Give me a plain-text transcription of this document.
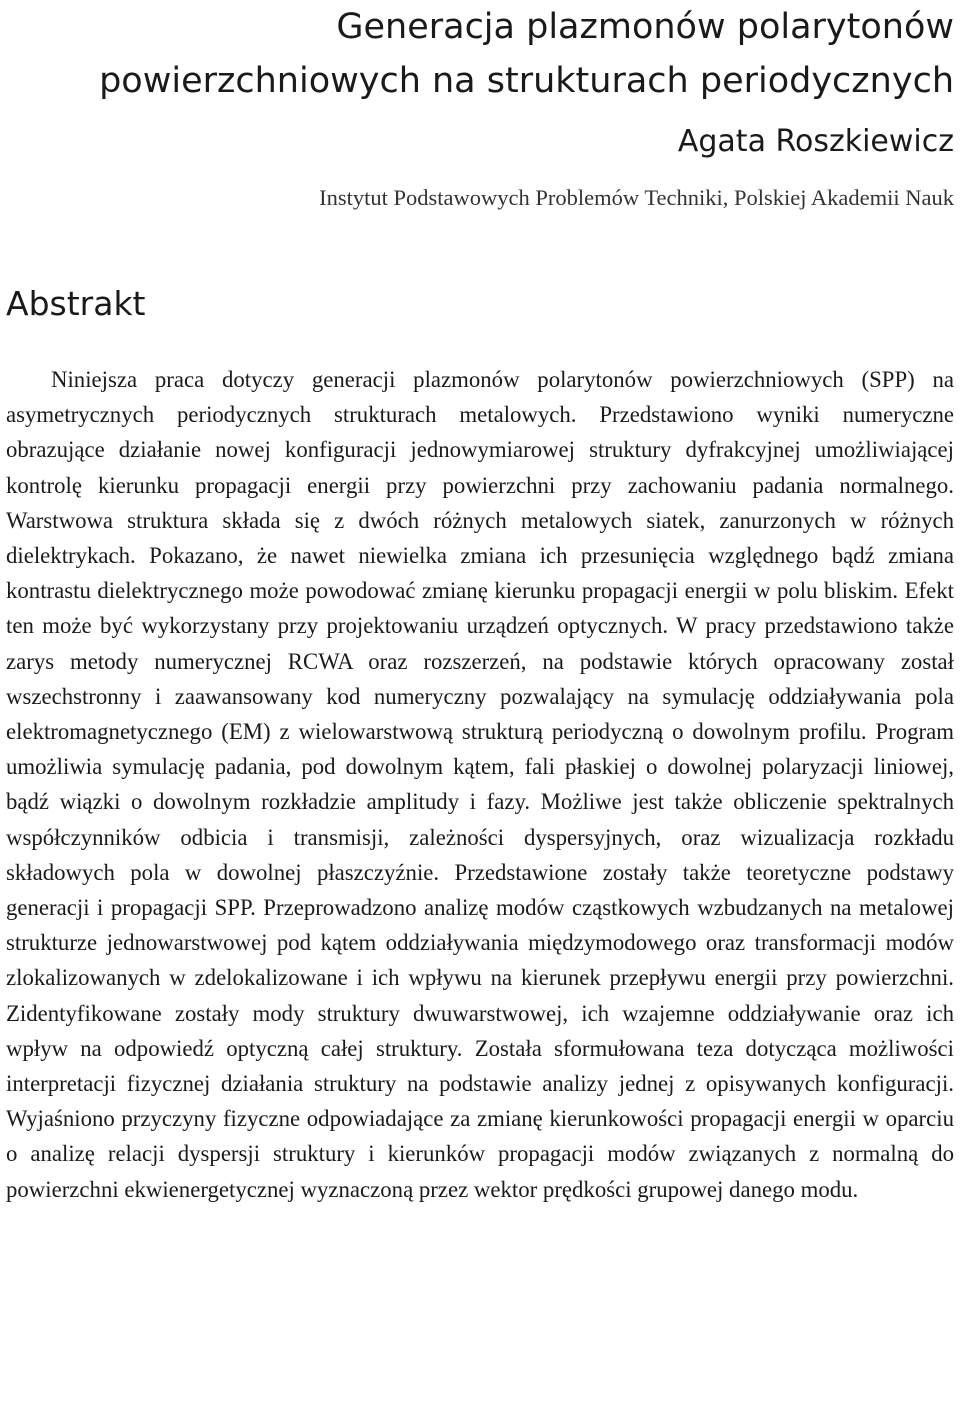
Generacja plazmonów polarytonów powierzchniowych na strukturach periodycznych
Agata Roszkiewicz
Instytut Podstawowych Problemów Techniki, Polskiej Akademii Nauk
Abstrakt

Niniejsza praca dotyczy generacji plazmonów polarytonów powierzchniowych (SPP) na asymetrycznych periodycznych strukturach metalowych. Przedstawiono wyniki numeryczne obrazujące działanie nowej konfiguracji jednowymiarowej struktury dyfrakcyjnej umożliwiającej kontrolę kierunku propagacji energii przy powierzchni przy zachowaniu padania normalnego. Warstwowa struktura składa się z dwóch różnych metalowych siatek, zanurzonych w różnych dielektrykach. Pokazano, że nawet niewielka zmiana ich przesunięcia względnego bądź zmiana kontrastu dielektrycznego może powodować zmianę kierunku propagacji energii w polu bliskim. Efekt ten może być wykorzystany przy projektowaniu urządzeń optycznych. W pracy przedstawiono także zarys metody numerycznej RCWA oraz rozszerzeń, na podstawie których opracowany został wszechstronny i zaawansowany kod numeryczny pozwalający na symulację oddziaływania pola elektromagnetycznego (EM) z wielowarstwową strukturą periodyczną o dowolnym profilu. Program umożliwia symulację padania, pod dowolnym kątem, fali płaskiej o dowolnej polaryzacji liniowej, bądź wiązki o dowolnym rozkładzie amplitudy i fazy. Możliwe jest także obliczenie spektralnych współczynników odbicia i transmisji, zależności dyspersyjnych, oraz wizualizacja rozkładu składowych pola w dowolnej płaszczyźnie. Przedstawione zostały także teoretyczne podstawy generacji i propagacji SPP. Przeprowadzono analizę modów cząstkowych wzbudzanych na metalowej strukturze jednowarstwowej pod kątem oddziaływania międzymodowego oraz transformacji modów zlokalizowanych w zdelokalizowane i ich wpływu na kierunek przepływu energii przy powierzchni. Zidentyfikowane zostały mody struktury dwuwarstwowej, ich wzajemne oddziaływanie oraz ich wpływ na odpowiedź optyczną całej struktury. Została sformułowana teza dotycząca możliwości interpretacji fizycznej działania struktury na podstawie analizy jednej z opisywanych konfiguracji. Wyjaśniono przyczyny fizyczne odpowiadające za zmianę kierunkowości propagacji energii w oparciu o analizę relacji dyspersji struktury i kierunków propagacji modów związanych z normalną do powierzchni ekwienergetycznej wyznaczoną przez wektor prędkości grupowej danego modu.
